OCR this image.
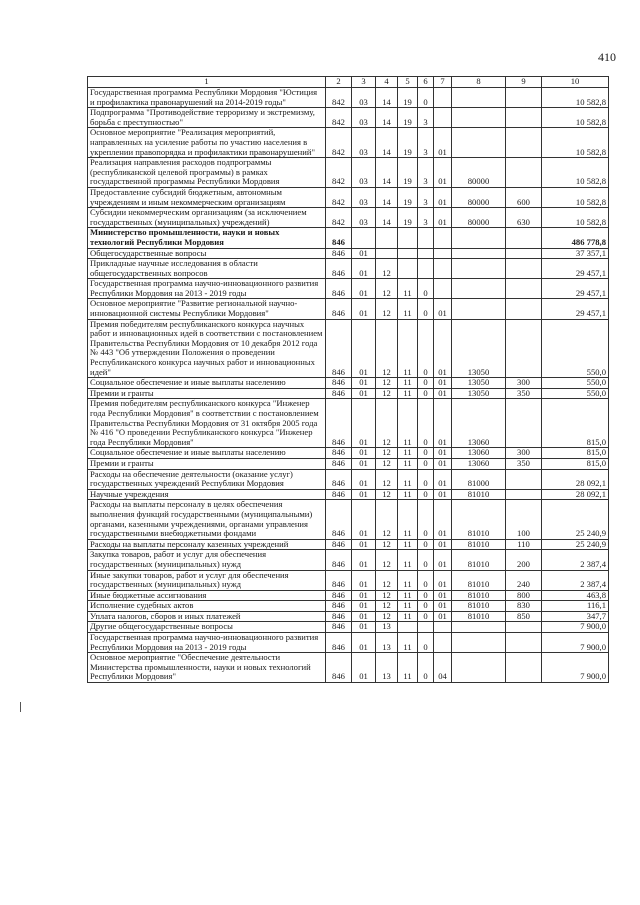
410
1	2	3	4	5	6	7	8	9	10
Государственная программа Республики Мордовия "Юстиция и профилактика правонарушений на 2014-2019 годы"	842	03	14	19	0				10 582,8
Подпрограмма "Противодействие терроризму и экстремизму, борьба с преступностью"	842	03	14	19	3				10 582,8
Основное мероприятие "Реализация мероприятий, направленных на усиление работы по участию населения в укреплении правопорядка и профилактики правонарушений"	842	03	14	19	3	01			10 582,8
Реализация направления расходов подпрограммы (республиканской целевой программы) в рамках государственной программы Республики Мордовия	842	03	14	19	3	01	80000		10 582,8
Предоставление субсидий бюджетным, автономным учреждениям и иным некоммерческим организациям	842	03	14	19	3	01	80000	600	10 582,8
Субсидии некоммерческим организациям (за исключением государственных (муниципальных) учреждений)	842	03	14	19	3	01	80000	630	10 582,8
Министерство промышленности, науки и новых технологий Республики Мордовия	846								486 778,8
Общегосударственные вопросы	846	01							37 357,1
Прикладные научные исследования в области общегосударственных вопросов	846	01	12						29 457,1
Государственная программа научно-инновационного развития Республики Мордовия на 2013 - 2019 годы	846	01	12	11	0				29 457,1
Основное мероприятие "Развитие региональной научно-инновационной системы Республики Мордовия"	846	01	12	11	0	01			29 457,1
Премия победителям республиканского конкурса научных работ и инновационных идей в соответствии с постановлением Правительства Республики Мордовия от 10 декабря 2012 года № 443 "Об утверждении Положения о проведении Республиканского конкурса научных работ и инновационных идей"	846	01	12	11	0	01	13050		550,0
Социальное обеспечение и иные выплаты населению	846	01	12	11	0	01	13050	300	550,0
Премии и гранты	846	01	12	11	0	01	13050	350	550,0
Премия победителям республиканского конкурса "Инженер года Республики Мордовия" в соответствии с постановлением Правительства Республики Мордовия от 31 октября 2005 года № 416 "О проведении Республиканского конкурса "Инженер года Республики Мордовия"	846	01	12	11	0	01	13060		815,0
Социальное обеспечение и иные выплаты населению	846	01	12	11	0	01	13060	300	815,0
Премии и гранты	846	01	12	11	0	01	13060	350	815,0
Расходы на обеспечение деятельности (оказание услуг) государственных учреждений Республики Мордовия	846	01	12	11	0	01	81000		28 092,1
Научные учреждения	846	01	12	11	0	01	81010		28 092,1
Расходы на выплаты персоналу в целях обеспечения выполнения функций государственными (муниципальными) органами, казенными учреждениями, органами управления государственными внебюджетными фондами	846	01	12	11	0	01	81010	100	25 240,9
Расходы на выплаты персоналу казенных учреждений	846	01	12	11	0	01	81010	110	25 240,9
Закупка товаров, работ и услуг для обеспечения государственных (муниципальных) нужд	846	01	12	11	0	01	81010	200	2 387,4
Иные закупки товаров, работ и услуг для обеспечения государственных (муниципальных) нужд	846	01	12	11	0	01	81010	240	2 387,4
Иные бюджетные ассигнования	846	01	12	11	0	01	81010	800	463,8
Исполнение судебных актов	846	01	12	11	0	01	81010	830	116,1
Уплата налогов, сборов и иных платежей	846	01	12	11	0	01	81010	850	347,7
Другие общегосударственные вопросы	846	01	13						7 900,0
Государственная программа научно-инновационного развития Республики Мордовия на 2013 - 2019 годы	846	01	13	11	0				7 900,0
Основное мероприятие "Обеспечение деятельности Министерства промышленности, науки и новых технологий Республики Мордовия"	846	01	13	11	0	04			7 900,0
